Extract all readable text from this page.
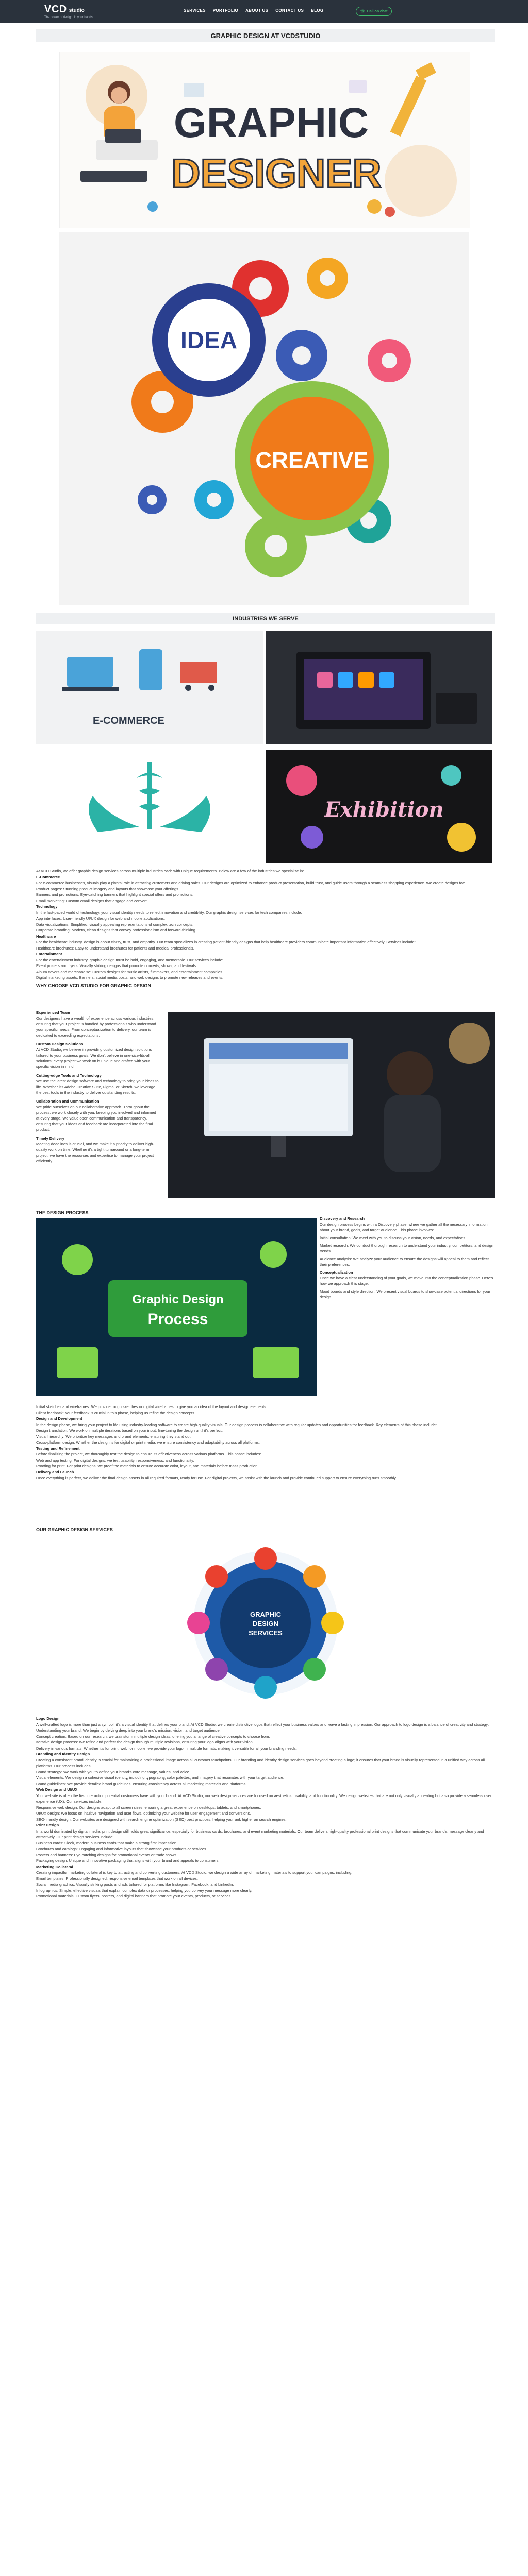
VCD studio
The power of design, in your hands
SERVICES PORTFOLIO ABOUT US CONTACT US BLOG	☏ Call on chat
GRAPHIC DESIGN AT VCDSTUDIO
GRAPHIC
DESIGNER
IDEA
CREATIVE
INDUSTRIES WE SERVE
E-COMMERCE
Exhibition

At VCD Studio, we offer graphic design services across multiple industries each with unique requirements. Below are a few of the industries we specialize in:

E-Commerce

For e-commerce businesses, visuals play a pivotal role in attracting customers and driving sales. Our designs are optimized to enhance product presentation, build trust, and guide users through a seamless shopping experience. We create designs for:

Product pages: Stunning product imagery and layouts that showcase your offerings.

Banners and promotions: Eye-catching banners that highlight special offers and promotions.

Email marketing: Custom email designs that engage and convert.

Technology

In the fast-paced world of technology, your visual identity needs to reflect innovation and credibility. Our graphic design services for tech companies include:

App interfaces: User-friendly UI/UX design for web and mobile applications.

Data visualizations: Simplified, visually appealing representations of complex tech concepts.

Corporate branding: Modern, clean designs that convey professionalism and forward-thinking.

Healthcare

For the healthcare industry, design is about clarity, trust, and empathy. Our team specializes in creating patient-friendly designs that help healthcare providers communicate important information effectively. Services include:

Healthcare brochures: Easy-to-understand brochures for patients and medical professionals.

Entertainment

For the entertainment industry, graphic design must be bold, engaging, and memorable. Our services include:

Event posters and flyers: Visually striking designs that promote concerts, shows, and festivals.

Album covers and merchandise: Custom designs for music artists, filmmakers, and entertainment companies.

Digital marketing assets: Banners, social media posts, and web designs to promote new releases and events.

WHY CHOOSE VCD STUDIO FOR GRAPHIC DESIGN

Experienced Team

Our designers have a wealth of experience across various industries, ensuring that your project is handled by professionals who understand your specific needs. From conceptualization to delivery, our team is dedicated to exceeding expectations.

Custom Design Solutions

At VCD Studio, we believe in providing customized design solutions tailored to your business goals. We don't believe in one-size-fits-all solutions; every project we work on is unique and crafted with your specific vision in mind.

Cutting-edge Tools and Technology

We use the latest design software and technology to bring your ideas to life. Whether it's Adobe Creative Suite, Figma, or Sketch, we leverage the best tools in the industry to deliver outstanding results.

Collaboration and Communication

We pride ourselves on our collaborative approach. Throughout the process, we work closely with you, keeping you involved and informed at every stage. We value open communication and transparency, ensuring that your ideas and feedback are incorporated into the final product.

Timely Delivery

Meeting deadlines is crucial, and we make it a priority to deliver high-quality work on time. Whether it's a tight turnaround or a long-term project, we have the resources and expertise to manage your project efficiently.

THE DESIGN PROCESS

Graphic Design
Process

Discovery and Research

Our design process begins with a Discovery phase, where we gather all the necessary information about your brand, goals, and target audience. This phase involves:

Initial consultation: We meet with you to discuss your vision, needs, and expectations.

Market research: We conduct thorough research to understand your industry, competitors, and design trends.

Audience analysis: We analyze your audience to ensure the designs will appeal to them and reflect their preferences.

Conceptualization

Once we have a clear understanding of your goals, we move into the conceptualization phase. Here's how we approach this stage:

Mood boards and style direction: We present visual boards to showcase potential directions for your design.

Initial sketches and wireframes: We provide rough sketches or digital wireframes to give you an idea of the layout and design elements.

Client feedback: Your feedback is crucial in this phase, helping us refine the design concepts.

Design and Development

In the design phase, we bring your project to life using industry-leading software to create high-quality visuals. Our design process is collaborative with regular updates and opportunities for feedback. Key elements of this phase include:

Design translation: We work on multiple iterations based on your input, fine-tuning the design until it's perfect.

Visual hierarchy: We prioritize key messages and brand elements, ensuring they stand out.

Cross-platform design: Whether the design is for digital or print media, we ensure consistency and adaptability across all platforms.

Testing and Refinement

Before finalizing the project, we thoroughly test the design to ensure its effectiveness across various platforms. This phase includes:

Web and app testing: For digital designs, we test usability, responsiveness, and functionality.

Proofing for print: For print designs, we proof the materials to ensure accurate color, layout, and materials before mass production.

Delivery and Launch

Once everything is perfect, we deliver the final design assets in all required formats, ready for use. For digital projects, we assist with the launch and provide continued support to ensure everything runs smoothly.

OUR GRAPHIC DESIGN SERVICES

GRAPHIC
DESIGN
SERVICES

Logo Design

A well-crafted logo is more than just a symbol; it's a visual identity that defines your brand. At VCD Studio, we create distinctive logos that reflect your business values and leave a lasting impression. Our approach to logo design is a balance of creativity and strategy:

Understanding your brand: We begin by delving deep into your brand's mission, vision, and target audience.

Concept creation: Based on our research, we brainstorm multiple design ideas, offering you a range of creative concepts to choose from.

Iterative design process: We refine and perfect the design through multiple revisions, ensuring your logo aligns with your vision.

Delivery in various formats: Whether it's for print, web, or mobile, we provide your logo in multiple formats, making it versatile for all your branding needs.

Branding and Identity Design

Creating a consistent brand identity is crucial for maintaining a professional image across all customer touchpoints. Our branding and identity design services goes beyond creating a logo; it ensures that your brand is visually represented in a unified way across all platforms. Our process includes:

Brand strategy: We work with you to define your brand's core message, values, and voice.

Visual elements: We design a cohesive visual identity, including typography, color palettes, and imagery that resonates with your target audience.

Brand guidelines: We provide detailed brand guidelines, ensuring consistency across all marketing materials and platforms.

Web Design and UI/UX

Your website is often the first interaction potential customers have with your brand. At VCD Studio, our web design services are focused on aesthetics, usability, and functionality. We design websites that are not only visually appealing but also provide a seamless user experience (UX). Our services include:

Responsive web design: Our designs adapt to all screen sizes, ensuring a great experience on desktops, tablets, and smartphones.

UI/UX design: We focus on intuitive navigation and user flows, optimizing your website for user engagement and conversions.

SEO-friendly design: Our websites are designed with search engine optimization (SEO) best practices, helping you rank higher on search engines.

Print Design

In a world dominated by digital media, print design still holds great significance, especially for business cards, brochures, and event marketing materials. Our team delivers high-quality professional print designs that communicate your brand's message clearly and attractively. Our print design services include:

Business cards: Sleek, modern business cards that make a strong first impression.

Brochures and catalogs: Engaging and informative layouts that showcase your products or services.

Posters and banners: Eye-catching designs for promotional events or trade shows.

Packaging design: Unique and innovative packaging that aligns with your brand and appeals to consumers.

Marketing Collateral

Creating impactful marketing collateral is key to attracting and converting customers. At VCD Studio, we design a wide array of marketing materials to support your campaigns, including:

Email templates: Professionally designed, responsive email templates that work on all devices.

Social media graphics: Visually striking posts and ads tailored for platforms like Instagram, Facebook, and LinkedIn.

Infographics: Simple, effective visuals that explain complex data or processes, helping you convey your message more clearly.

Promotional materials: Custom flyers, posters, and digital banners that promote your events, products, or services.
